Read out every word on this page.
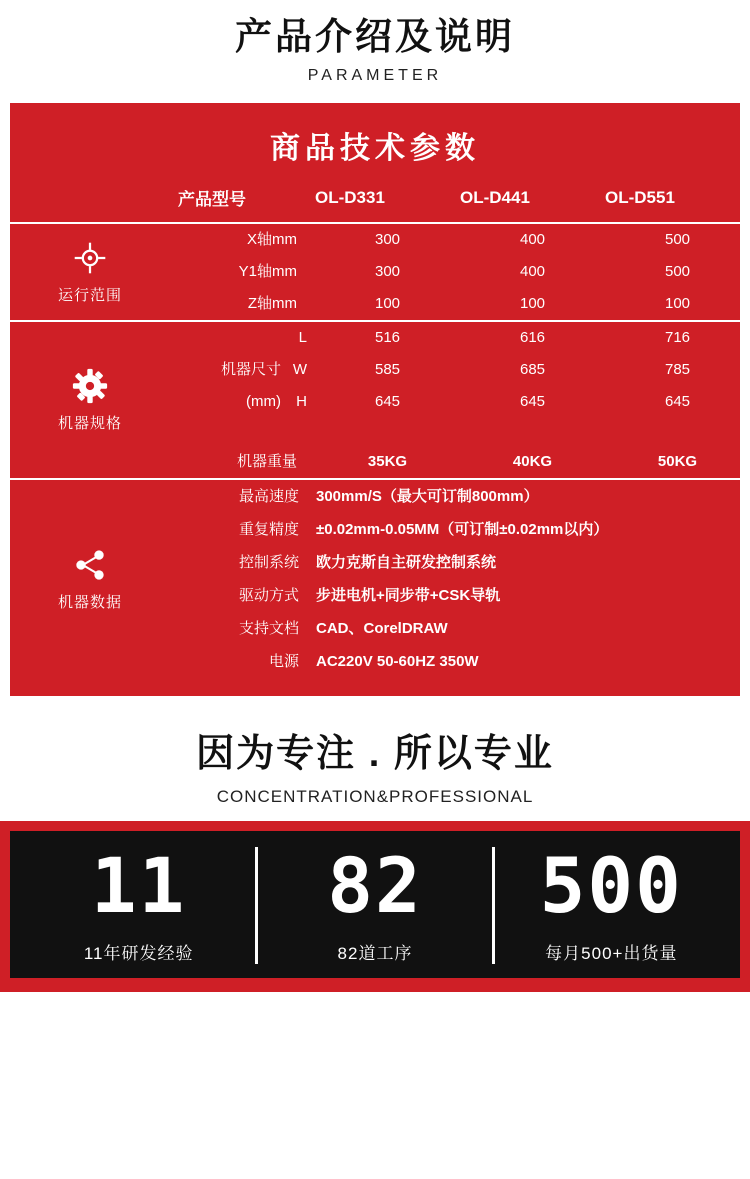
产品介绍及说明
PARAMETER
商品技术参数
	产品型号	OL-D331	OL-D441	OL-D551

运行范围	X轴mm	300	400	500
	Y1轴mm	300	400	500
	Z轴mm	100	100	100

机器规格	L	516	616	716
	机器尺寸 W	585	685	785
	(mm) H	645	645	645

	机器重量	35KG	40KG	50KG

机器数据	最高速度	300mm/S（最大可订制800mm）		
	重复精度	±0.02mm-0.05MM（可订制±0.02mm以内）		
	控制系统	欧力克斯自主研发控制系统		
	驱动方式	步进电机+同步带+CSK导轨		
	支持文档	CAD、CorelDRAW		
	电源	AC220V 50-60HZ 350W		
因为专注 . 所以专业
CONCENTRATION&PROFESSIONAL
11
11年研发经验
82
82道工序
500
每月500+出货量
